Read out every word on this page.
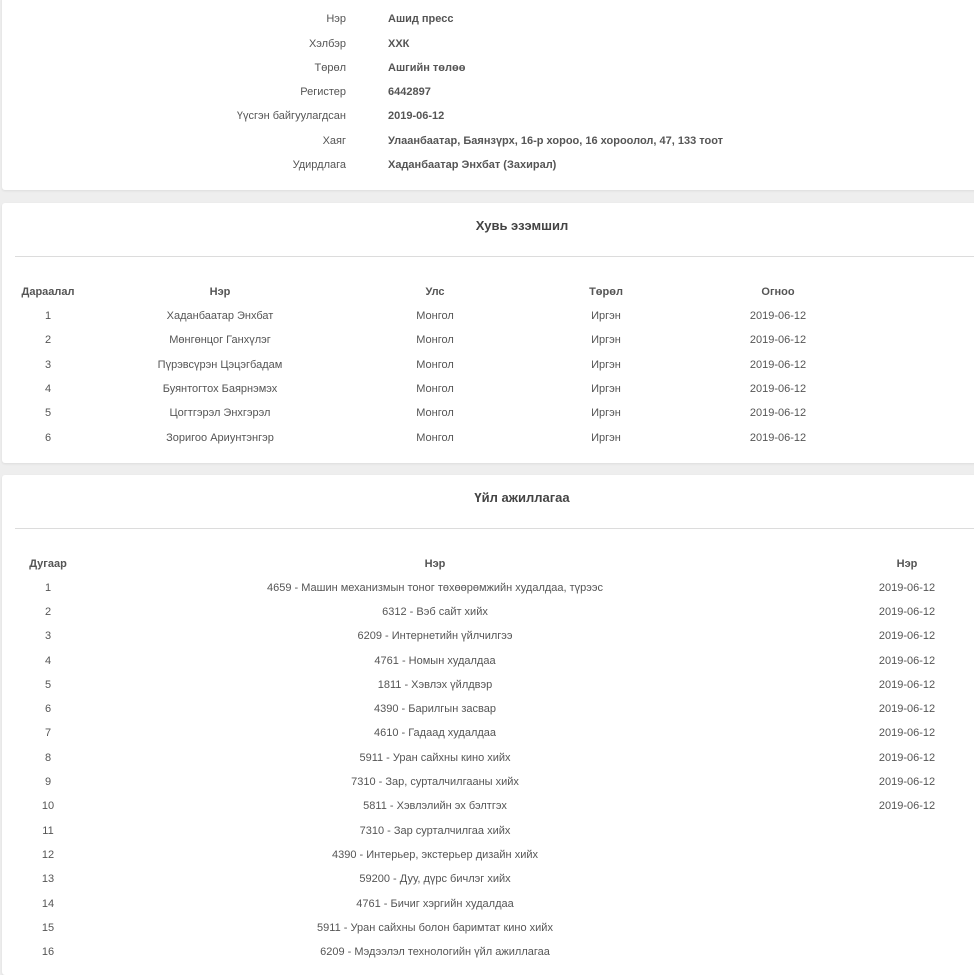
Нэр	Ашид пресс
Хэлбэр	ХХК
Төрөл	Ашгийн төлөө
Регистер	6442897
Үүсгэн байгуулагдсан	2019-06-12
Хаяг	Улаанбаатар, Баянзүрх, 16-р хороо, 16 хороолол, 47, 133 тоот
Удирдлага	Хаданбаатар Энхбат (Захирал)
Хувь эзэмшил
Дараалал	Нэр	Улс	Төрөл	Огноо
1	Хаданбаатар Энхбат	Монгол	Иргэн	2019-06-12
2	Мөнгөнцог Ганхүлэг	Монгол	Иргэн	2019-06-12
3	Пүрэвсүрэн Цэцэгбадам	Монгол	Иргэн	2019-06-12
4	Буянтогтох Баярнэмэх	Монгол	Иргэн	2019-06-12
5	Цогтгэрэл Энхгэрэл	Монгол	Иргэн	2019-06-12
6	Зоригоо Ариунтэнгэр	Монгол	Иргэн	2019-06-12
Үйл ажиллагаа
Дугаар	Нэр	Нэр
1	4659 - Машин механизмын тоног төхөөрөмжийн худалдаа, түрээс	2019-06-12
2	6312 - Вэб сайт хийх	2019-06-12
3	6209 - Интернетийн үйлчилгээ	2019-06-12
4	4761 - Номын худалдаа	2019-06-12
5	1811 - Хэвлэх үйлдвэр	2019-06-12
6	4390 - Барилгын засвар	2019-06-12
7	4610 - Гадаад худалдаа	2019-06-12
8	5911 - Уран сайхны кино хийх	2019-06-12
9	7310 - Зар, сурталчилгааны хийх	2019-06-12
10	5811 - Хэвлэлийн эх бэлтгэх	2019-06-12
11	7310 - Зар сурталчилгаа хийх
12	4390 - Интерьер, экстерьер дизайн хийх
13	59200 - Дуу, дүрс бичлэг хийх
14	4761 - Бичиг хэргийн худалдаа
15	5911 - Уран сайхны болон баримтат кино хийх
16	6209 - Мэдээлэл технологийн үйл ажиллагаа
